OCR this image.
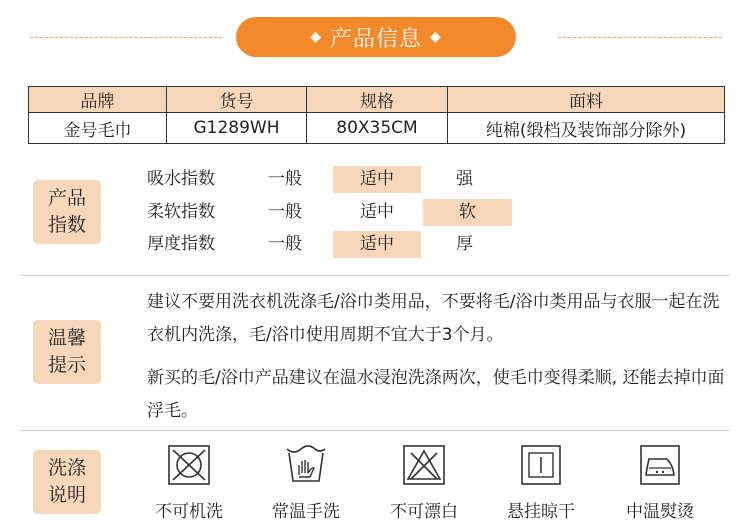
◆ 产品信息 ◆
品牌	货号	规格	面料
金号毛巾	G1289WH	80X35CM	纯棉(缎档及装饰部分除外)
产品指数
吸水指数	一般	适中	强
柔软指数	一般	适中	软
厚度指数	一般	适中	厚
温馨提示
建议不要用洗衣机洗涤毛/浴巾类用品，不要将毛/浴巾类用品与衣服一起在洗衣机内洗涤，毛/浴巾使用周期不宜大于3个月。
新买的毛/浴巾产品建议在温水浸泡洗涤两次，使毛巾变得柔顺, 还能去掉巾面浮毛。
洗涤说明
不可机洗	常温手洗	不可漂白	悬挂晾干	中温熨烫
